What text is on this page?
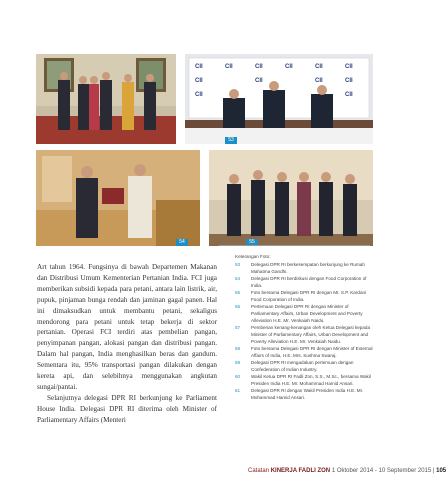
CII	CII	CII	CII	CII	CII
CII	CII	CII	CII
CII	CII
53
54	55

Art tahun 1964. Fungsinya di bawah Departemen Makanan dan Distribusi Umum Kementerian Pertanian India. FCI juga memberikan subsidi kepada para petani, antara lain listrik, air, pupuk, pinjaman bunga rendah dan jaminan gagal panen. Hal ini dimaksudkan untuk membantu petani, sekaligus mendorong para petani untuk tetap bekerja di sektor pertanian. Operasi FCI terdiri atas pembelian pangan, penyimpanan pangan, alokasi pangan dan distribusi pangan. Dalam hal pangan, India menghasilkan beras dan gandum. Sementara itu, 95% transportasi pangan dilakukan dengan kereta api, dan selebihnya menggunakan angkutan sungai/pantai.

Selanjutnya delegasi DPR RI berkunjung ke Parliament House India. Delegasi DPR RI diterima oleh Minister of Parliamentary Affairs (Menteri

Keterangan Foto:

53 Delegasi DPR RI berkesempatan berkunjung ke Rumah Mahatma Gandhi.

54 Delegasi DPR RI berdiskusi dengan Food Corporation of India.

55 Foto bersama Delegasi DPR RI dengan Mr. S.P. Kardani Food Corporation of India.

56 Pertemuan Delegasi DPR RI dengan Minister of Parliamentary Affairs, Urban Development and Poverty Alleviation H.E. Mr. Venkaiah Naidu.

57 Pemberian kenang-kenangan oleh Ketua Delegasi kepada Minister of Parliamentary Affairs, Urban Development and Poverty Alleviation H.E. Mr. Venkaiah Naidu.

58 Foto bersama Delegasi DPR RI dengan Minister of External Affairs of India, H.E. Mrs. Sushma Swaraj.

59 Delegasi DPR RI mengadakan pertemuan dengan Confederation of Indian Industry.

60 Wakil Ketua DPR RI Fadli Zon, S.S., M.Sc., bersama Wakil Presiden India H.E. Mr. Mohammad Hamid Ansari.

61 Delegasi DPR RI dengan Wakil Presiden India H.E. Mr. Mohammad Hamid Ansari.

Catatan KINERJA FADLI ZON 1 Oktober 2014 - 10 September 2015 | 105
